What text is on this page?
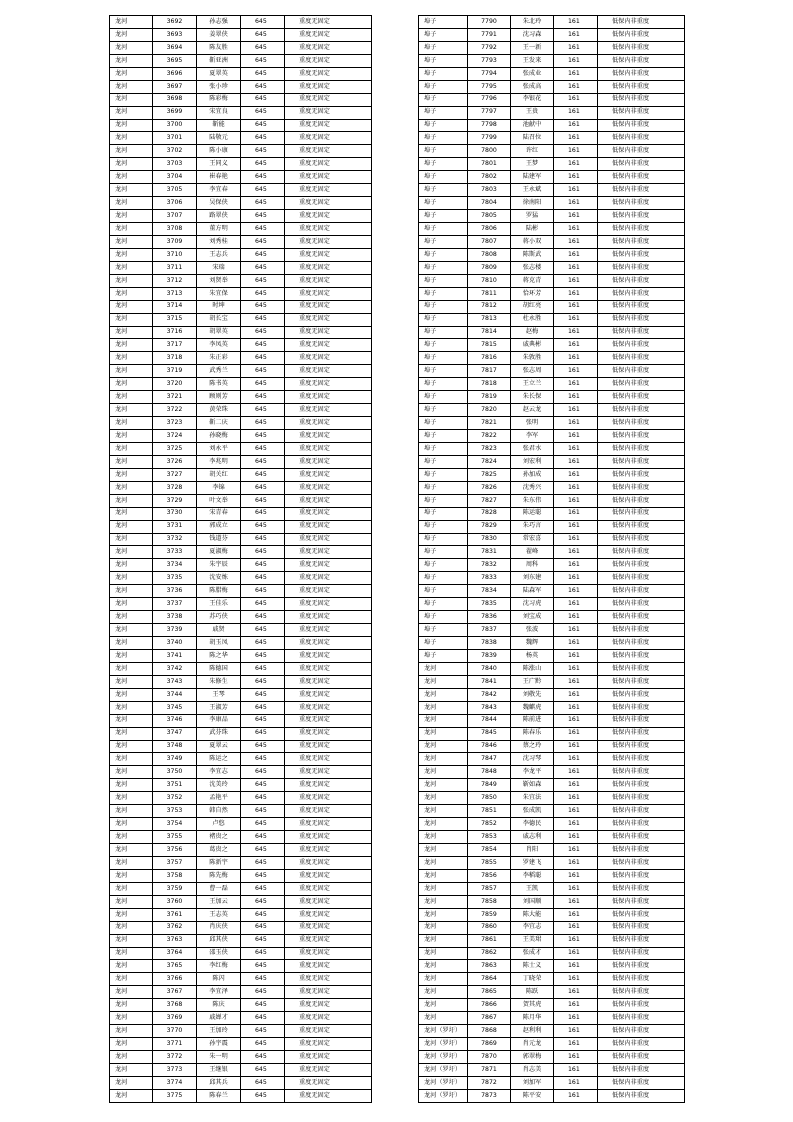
龙河	3692	孙志强	645	重度无固定
龙河	3693	姜翠侠	645	重度无固定
龙河	3694	陈友胜	645	重度无固定
龙河	3695	靳亚洲	645	重度无固定
龙河	3696	夏翠英	645	重度无固定
龙河	3697	张小珍	645	重度无固定
龙河	3698	陈彩梅	645	重度无固定
龙河	3699	宋宜良	645	重度无固定
龙河	3700	靳能	645	重度无固定
龙河	3701	陆敬元	645	重度无固定
龙河	3702	陈小康	645	重度无固定
龙河	3703	王同义	645	重度无固定
龙河	3704	崔春艳	645	重度无固定
龙河	3705	李宜春	645	重度无固定
龙河	3706	吴保侠	645	重度无固定
龙河	3707	路翠侠	645	重度无固定
龙河	3708	董方明	645	重度无固定
龙河	3709	刘秀桂	645	重度无固定
龙河	3710	王志兵	645	重度无固定
龙河	3711	宋瑞	645	重度无固定
龙河	3712	刘贤举	645	重度无固定
龙河	3713	朱宜保	645	重度无固定
龙河	3714	时坤	645	重度无固定
龙河	3715	胡长宝	645	重度无固定
龙河	3716	胡翠英	645	重度无固定
龙河	3717	李凤英	645	重度无固定
龙河	3718	朱正彩	645	重度无固定
龙河	3719	武秀兰	645	重度无固定
龙河	3720	陈书英	645	重度无固定
龙河	3721	顾则芳	645	重度无固定
龙河	3722	黄荣珠	645	重度无固定
龙河	3723	靳二庆	645	重度无固定
龙河	3724	孙晓梅	645	重度无固定
龙河	3725	刘永平	645	重度无固定
龙河	3726	李兆明	645	重度无固定
龙河	3727	胡关红	645	重度无固定
龙河	3728	李锦	645	重度无固定
龙河	3729	叶文举	645	重度无固定
龙河	3730	宋青春	645	重度无固定
龙河	3731	郭成立	645	重度无固定
龙河	3732	钱道芬	645	重度无固定
龙河	3733	夏淑梅	645	重度无固定
龙河	3734	朱宇辰	645	重度无固定
龙河	3735	沈安炼	645	重度无固定
龙河	3736	陈腊梅	645	重度无固定
龙河	3737	王佳乐	645	重度无固定
龙河	3738	苏巧侠	645	重度无固定
龙河	3739	戚贤	645	重度无固定
龙河	3740	胡玉凤	645	重度无固定
龙河	3741	陈之华	645	重度无固定
龙河	3742	陈德国	645	重度无固定
龙河	3743	朱修生	645	重度无固定
龙河	3744	王琴	645	重度无固定
龙河	3745	王淑芳	645	重度无固定
龙河	3746	李康品	645	重度无固定
龙河	3747	武芬珠	645	重度无固定
龙河	3748	夏翠云	645	重度无固定
龙河	3749	陈运之	645	重度无固定
龙河	3750	李宜志	645	重度无固定
龙河	3751	沈美玲	645	重度无固定
龙河	3752	孟艳平	645	重度无固定
龙河	3753	韩自然	645	重度无固定
龙河	3754	卢悠	645	重度无固定
龙河	3755	褚贵之	645	重度无固定
龙河	3756	葛贵之	645	重度无固定
龙河	3757	陈新宇	645	重度无固定
龙河	3758	陈先梅	645	重度无固定
龙河	3759	曹一磊	645	重度无固定
龙河	3760	王加云	645	重度无固定
龙河	3761	王志英	645	重度无固定
龙河	3762	肖庆侠	645	重度无固定
龙河	3763	邱其侠	645	重度无固定
龙河	3764	邵玉侠	645	重度无固定
龙河	3765	李红梅	645	重度无固定
龙河	3766	陈闪	645	重度无固定
龙河	3767	李宜泽	645	重度无固定
龙河	3768	陈庆	645	重度无固定
龙河	3769	戚婵才	645	重度无固定
龙河	3770	王加玲	645	重度无固定
龙河	3771	孙宇震	645	重度无固定
龙河	3772	朱一明	645	重度无固定
龙河	3773	王继银	645	重度无固定
龙河	3774	邱其兵	645	重度无固定
龙河	3775	陈春兰	645	重度无固定
埠子	7790	朱北玲	161	低保内非重度
埠子	7791	沈习森	161	低保内非重度
埠子	7792	王一新	161	低保内非重度
埠子	7793	王发来	161	低保内非重度
埠子	7794	张成业	161	低保内非重度
埠子	7795	张成高	161	低保内非重度
埠子	7796	李银花	161	低保内非重度
埠子	7797	王贵	161	低保内非重度
埠子	7798	池献中	161	低保内非重度
埠子	7799	陆召位	161	低保内非重度
埠子	7800	许红	161	低保内非重度
埠子	7801	王梦	161	低保内非重度
埠子	7802	陆建军	161	低保内非重度
埠子	7803	王永斌	161	低保内非重度
埠子	7804	徐南阳	161	低保内非重度
埠子	7805	罗猛	161	低保内非重度
埠子	7806	陆彬	161	低保内非重度
埠子	7807	蒋小双	161	低保内非重度
埠子	7808	陈斯武	161	低保内非重度
埠子	7809	张志楼	161	低保内非重度
埠子	7810	蒋克青	161	低保内非重度
埠子	7811	恰环芳	161	低保内非重度
埠子	7812	胡红亮	161	低保内非重度
埠子	7813	杜永胜	161	低保内非重度
埠子	7814	赵梅	161	低保内非重度
埠子	7815	戚典彬	161	低保内非重度
埠子	7816	朱敦胜	161	低保内非重度
埠子	7817	张志周	161	低保内非重度
埠子	7818	王立兰	161	低保内非重度
埠子	7819	朱长保	161	低保内非重度
埠子	7820	赵云龙	161	低保内非重度
埠子	7821	张明	161	低保内非重度
埠子	7822	李军	161	低保内非重度
埠子	7823	张君水	161	低保内非重度
埠子	7824	刘宏利	161	低保内非重度
埠子	7825	孙加成	161	低保内非重度
埠子	7826	沈秀兴	161	低保内非重度
埠子	7827	朱东伟	161	低保内非重度
埠子	7828	陈运聪	161	低保内非重度
埠子	7829	朱巧言	161	低保内非重度
埠子	7830	常宏喜	161	低保内非重度
埠子	7831	翟峰	161	低保内非重度
埠子	7832	周科	161	低保内非重度
埠子	7833	刘东建	161	低保内非重度
埠子	7834	陆森军	161	低保内非重度
埠子	7835	沈习虎	161	低保内非重度
埠子	7836	刘宝成	161	低保内非重度
埠子	7837	张波	161	低保内非重度
埠子	7838	魏辉	161	低保内非重度
埠子	7839	杨英	161	低保内非重度
龙河	7840	陈涨山	161	低保内非重度
龙河	7841	王广黔	161	低保内非重度
龙河	7842	刘敬先	161	低保内非重度
龙河	7843	魏麒虎	161	低保内非重度
龙河	7844	陈前进	161	低保内非重度
龙河	7845	陈春乐	161	低保内非重度
龙河	7846	蔡之玲	161	低保内非重度
龙河	7847	沈习琴	161	低保内非重度
龙河	7848	李龙平	161	低保内非重度
龙河	7849	靳如森	161	低保内非重度
龙河	7850	朱宜法	161	低保内非重度
龙河	7851	张成凯	161	低保内非重度
龙河	7852	李德民	161	低保内非重度
龙河	7853	戚志利	161	低保内非重度
龙河	7854	肖阳	161	低保内非重度
龙河	7855	罗建飞	161	低保内非重度
龙河	7856	李稻聪	161	低保内非重度
龙河	7857	王凯	161	低保内非重度
龙河	7858	刘国顺	161	低保内非重度
龙河	7859	陈大能	161	低保内非重度
龙河	7860	李宜志	161	低保内非重度
龙河	7861	王美珺	161	低保内非重度
龙河	7862	张成才	161	低保内非重度
龙河	7863	陈士义	161	低保内非重度
龙河	7864	丁晓荣	161	低保内非重度
龙河	7865	陈跃	161	低保内非重度
龙河	7866	贺其虎	161	低保内非重度
龙河	7867	陈月华	161	低保内非重度
龙河（罗圩）	7868	赵利利	161	低保内非重度
龙河（罗圩）	7869	肖元龙	161	低保内非重度
龙河（罗圩）	7870	郭翠梅	161	低保内非重度
龙河（罗圩）	7871	肖志美	161	低保内非重度
龙河（罗圩）	7872	刘加军	161	低保内非重度
龙河（罗圩）	7873	陈平安	161	低保内非重度
